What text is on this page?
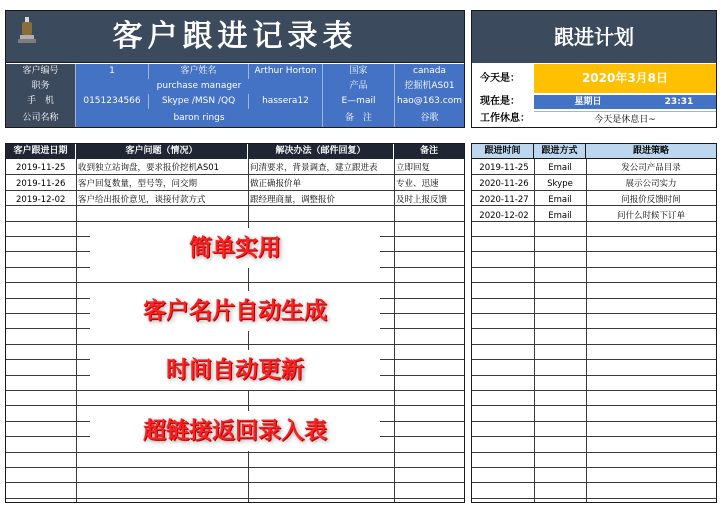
客户跟进记录表
客户编号	1	客户姓名	Arthur Horton	国家	canada
职务	purchase manager	产品	挖掘机AS01
手　机	0151234566	Skype /MSN /QQ	hassera12	E—mail	hao@163.com
公司名称	baron rings	备　注	谷歌
跟进计划
今天是：	2020年3月8日
现在是：	星期日	23:31
工作休息：	今天是休息日~
客户跟进日期	客户问题（情况）	解决办法（邮件回复）	备注
2019-11-25	收到独立站询盘，要求报价挖机AS01	问清要求，背景调查，建立跟进表	立即回复
2019-11-26	客户回复数量，型号等，问交期	做正确报价单	专业、迅速
2019-12-02	客户给出报价意见，谈接付款方式	跟经理商量，调整报价	及时上报反馈
跟进时间	跟进方式	跟进策略
2019-11-25	Email	发公司产品目录
2020-11-26	Skype	展示公司实力
2020-11-27	Email	问报价反馈时间
2020-12-02	Email	问什么时候下订单
简单实用
客户名片自动生成
时间自动更新
超链接返回录入表
